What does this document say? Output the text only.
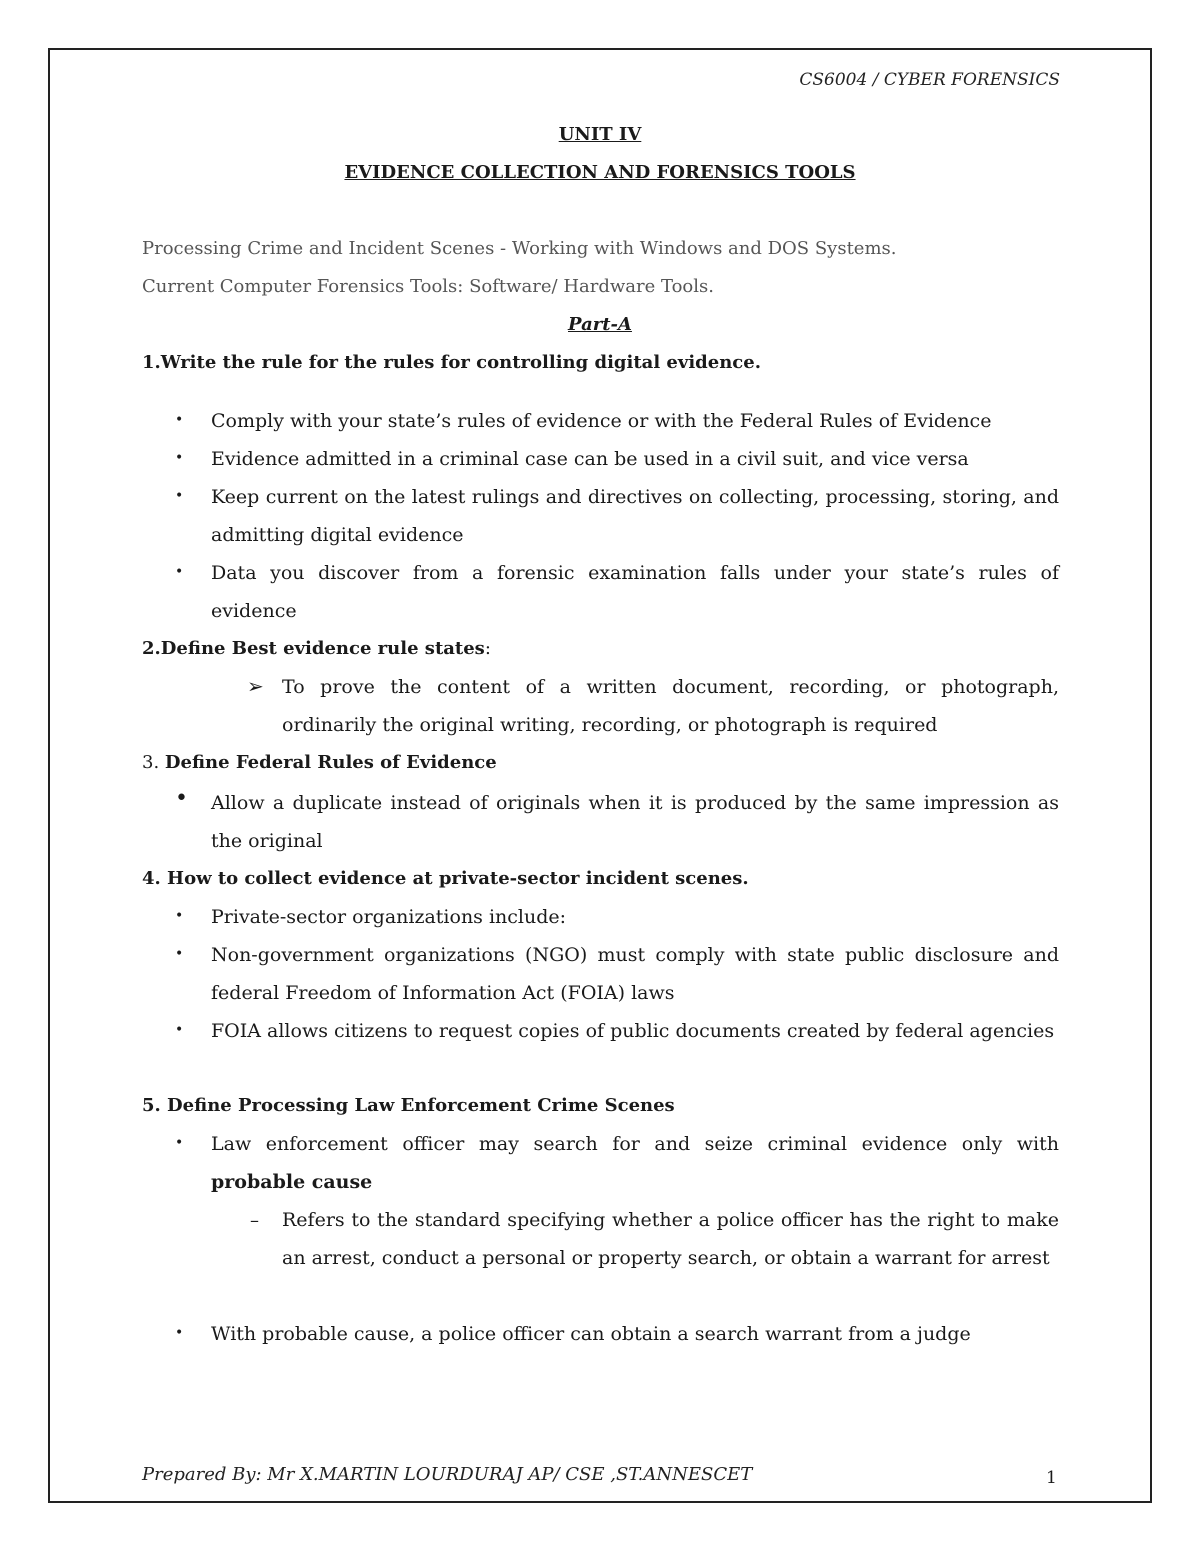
CS6004 / CYBER FORENSICS
UNIT IV
EVIDENCE COLLECTION AND FORENSICS TOOLS
Processing Crime and Incident Scenes - Working with Windows and DOS Systems.
Current Computer Forensics Tools: Software/ Hardware Tools.
Part-A
1.Write the rule for the rules for controlling digital evidence.
• Comply with your state’s rules of evidence or with the Federal Rules of Evidence
• Evidence admitted in a criminal case can be used in a civil suit, and vice versa
• Keep current on the latest rulings and directives on collecting, processing, storing, and admitting digital evidence
• Data you discover from a forensic examination falls under your state’s rules of evidence
2.Define Best evidence rule states:
➢ To prove the content of a written document, recording, or photograph, ordinarily the original writing, recording, or photograph is required
3. Define Federal Rules of Evidence
• Allow a duplicate instead of originals when it is produced by the same impression as the original
4. How to collect evidence at private-sector incident scenes.
• Private-sector organizations include:
• Non-government organizations (NGO) must comply with state public disclosure and federal Freedom of Information Act (FOIA) laws
• FOIA allows citizens to request copies of public documents created by federal agencies
5. Define Processing Law Enforcement Crime Scenes
• Law enforcement officer may search for and seize criminal evidence only with probable cause
– Refers to the standard specifying whether a police officer has the right to make an arrest, conduct a personal or property search, or obtain a warrant for arrest
• With probable cause, a police officer can obtain a search warrant from a judge
Prepared By: Mr X.MARTIN LOURDURAJ AP/ CSE ,ST.ANNESCET	1
